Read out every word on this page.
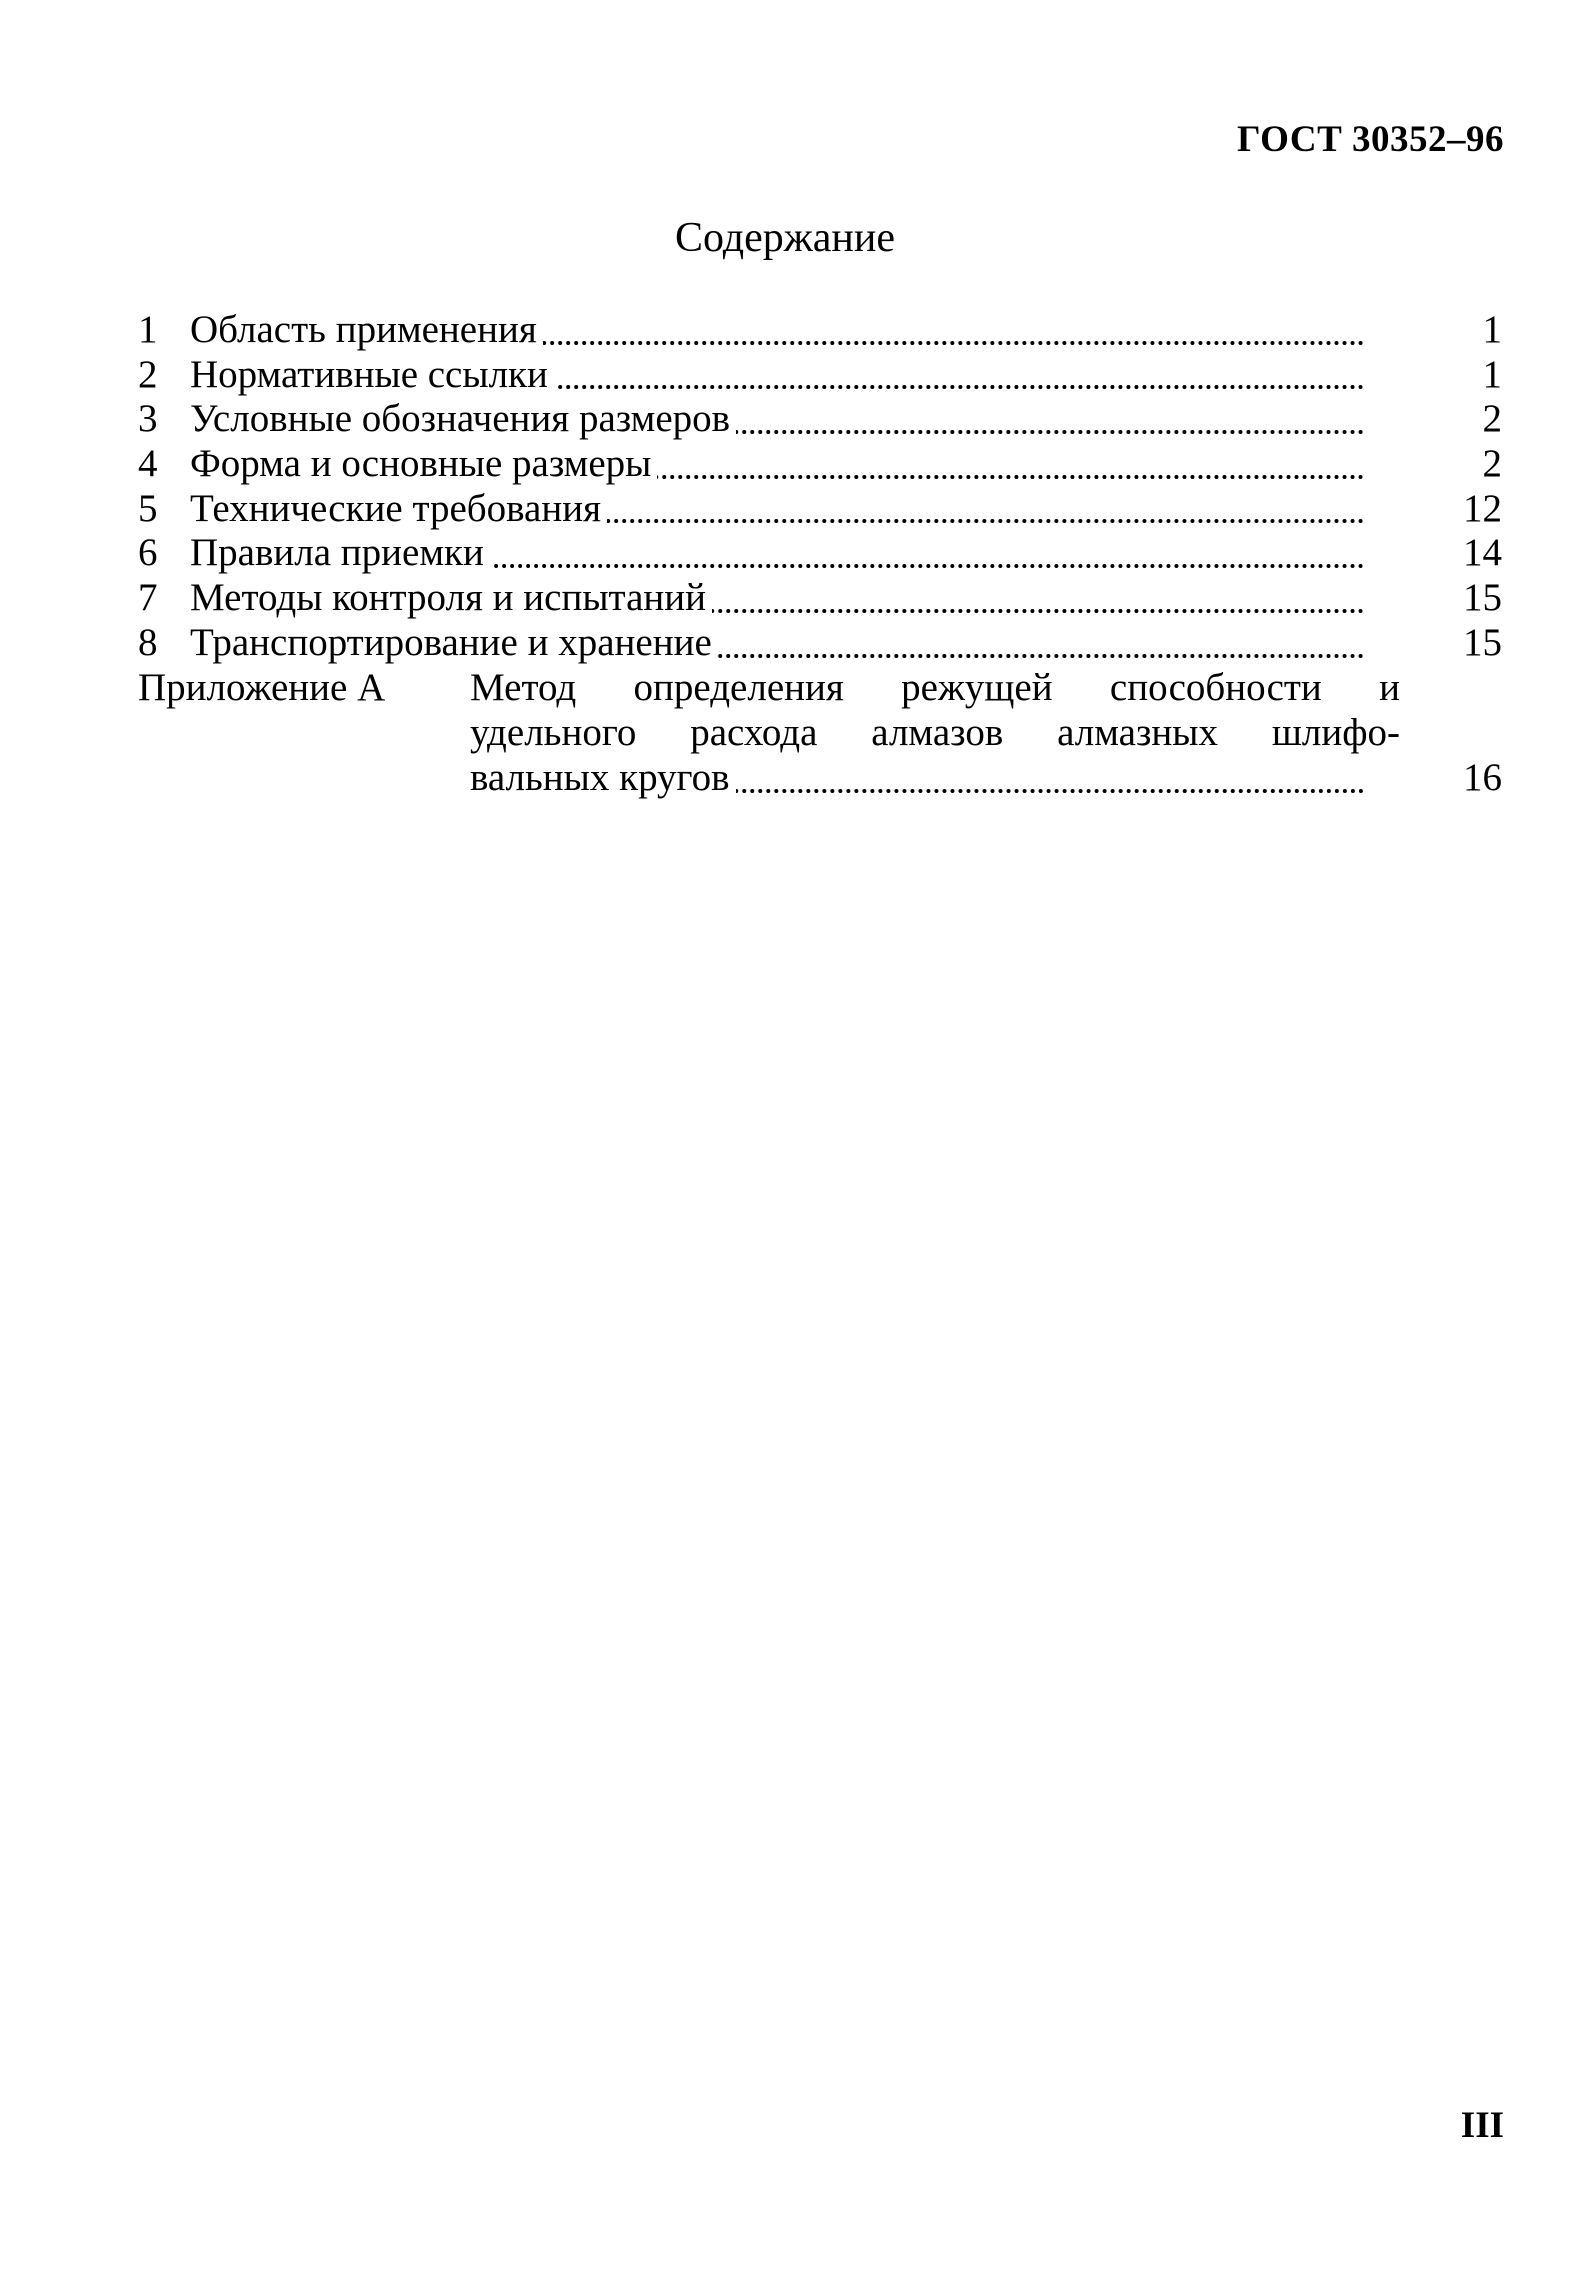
ГОСТ 30352–96
Содержание
1 Область применения	1
2 Нормативные ссылки	1
3 Условные обозначения размеров	2
4 Форма и основные размеры	2
5 Технические требования	12
6 Правила приемки	14
7 Методы контроля и испытаний	15
8 Транспортирование и хранение	15
Приложение А Метод определения режущей способности и
удельного расхода алмазов алмазных шлифо-
вальных кругов	16
III
